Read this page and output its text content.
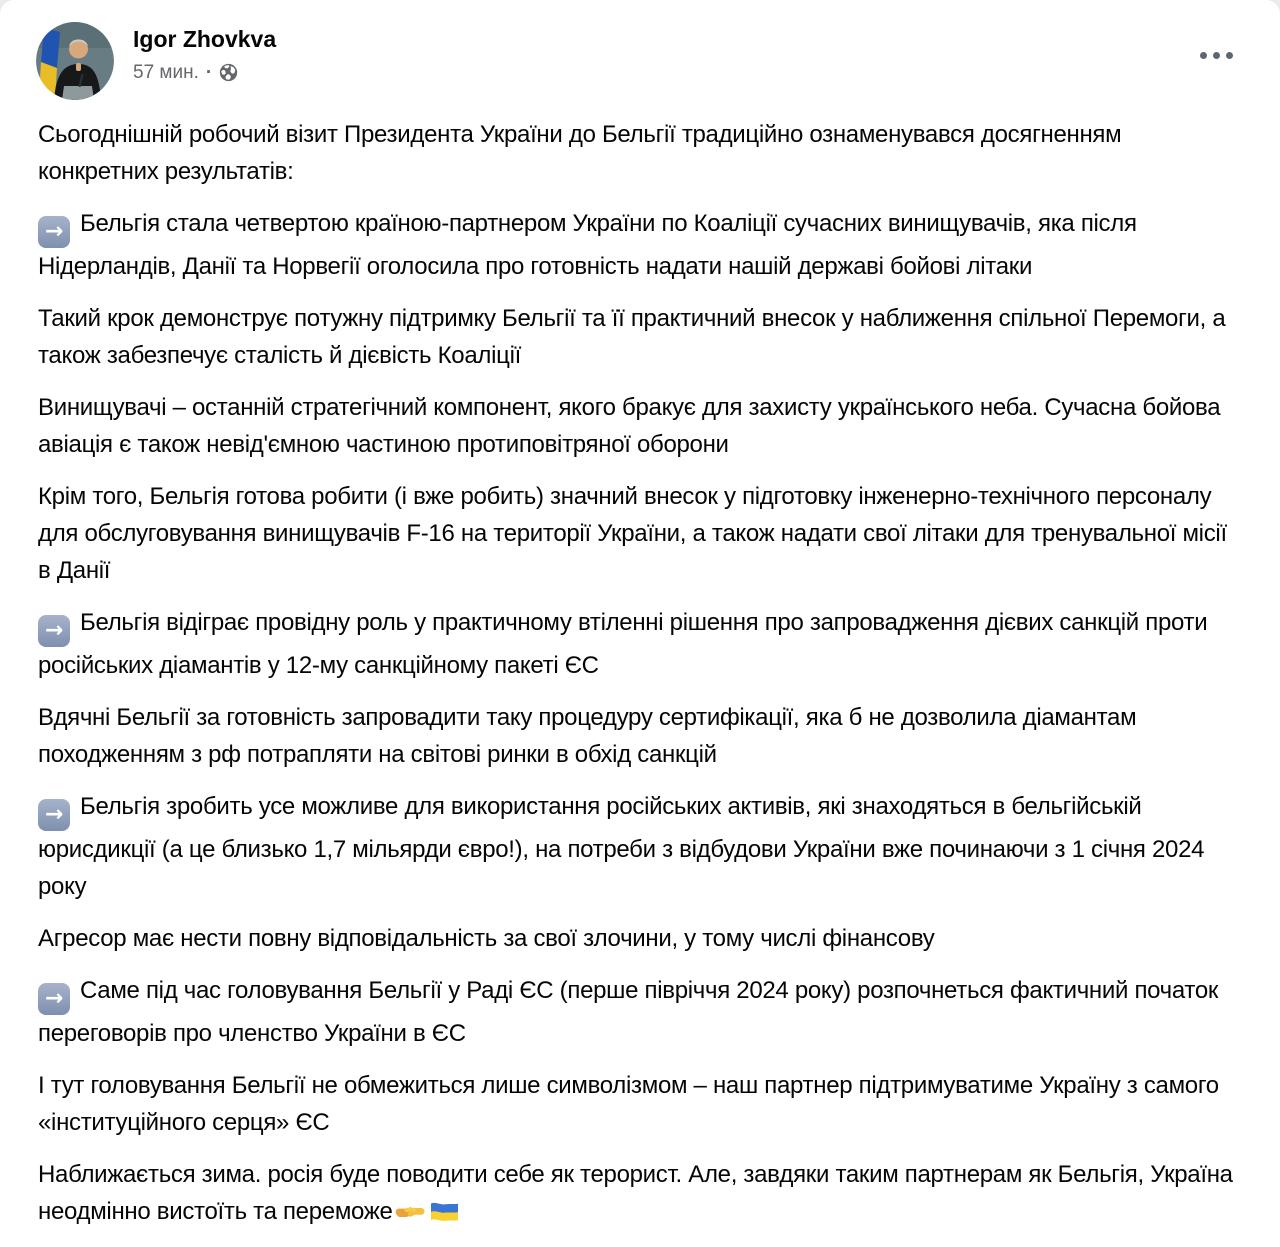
Igor Zhovkva
57 мин. ·
Сьогоднішній робочий візит Президента України до Бельгії традиційно ознаменувався досягненням конкретних результатів:
→ Бельгія стала четвертою країною-партнером України по Коаліції сучасних винищувачів, яка після Нідерландів, Данії та Норвегії оголосила про готовність надати нашій державі бойові літаки
Такий крок демонструє потужну підтримку Бельгії та її практичний внесок у наближення спільної Перемоги, а також забезпечує сталість й дієвість Коаліції
Винищувачі – останній стратегічний компонент, якого бракує для захисту українського неба. Сучасна бойова авіація є також невід'ємною частиною протиповітряної оборони
Крім того, Бельгія готова робити (і вже робить) значний внесок у підготовку інженерно-технічного персоналу для обслуговування винищувачів F-16 на території України, а також надати свої літаки для тренувальної місії в Данії
→ Бельгія відіграє провідну роль у практичному втіленні рішення про запровадження дієвих санкцій проти російських діамантів у 12-му санкційному пакеті ЄС
Вдячні Бельгії за готовність запровадити таку процедуру сертифікації, яка б не дозволила діамантам походженням з рф потрапляти на світові ринки в обхід санкцій
→ Бельгія зробить усе можливе для використання російських активів, які знаходяться в бельгійській юрисдикції (а це близько 1,7 мільярди євро!), на потреби з відбудови України вже починаючи з 1 січня 2024 року
Агресор має нести повну відповідальність за свої злочини, у тому числі фінансову
→ Саме під час головування Бельгії у Раді ЄС (перше півріччя 2024 року) розпочнеться фактичний початок переговорів про членство України в ЄС
І тут головування Бельгії не обмежиться лише символізмом – наш партнер підтримуватиме Україну з самого «інституційного серця» ЄС
Наближається зима. росія буде поводити себе як терорист. Але, завдяки таким партнерам як Бельгія, Україна неодмінно вистоїть та переможе
